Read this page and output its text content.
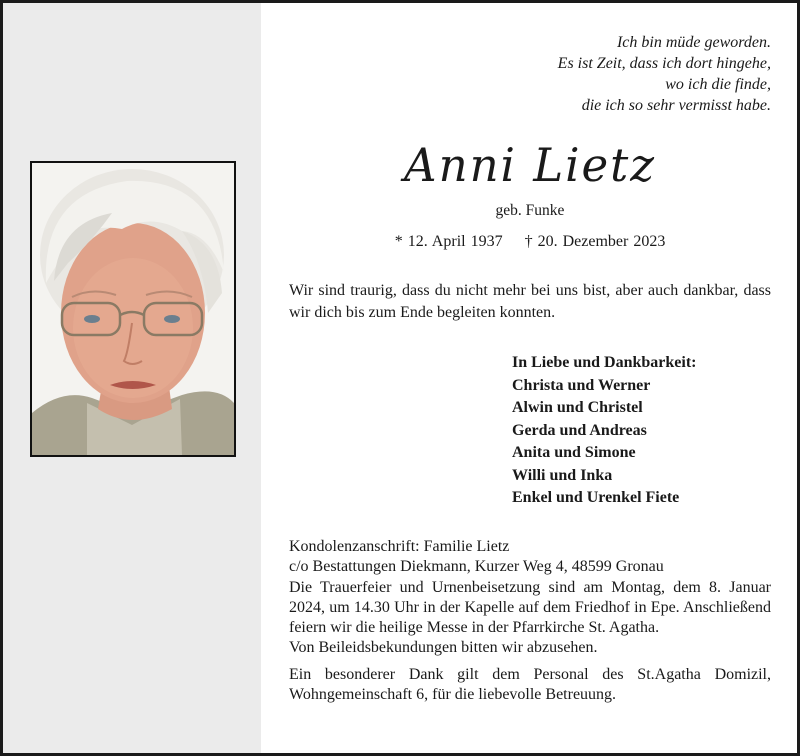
Ich bin müde geworden.
Es ist Zeit, dass ich dort hingehe,
wo ich die finde,
die ich so sehr vermisst habe.
Anni Lietz
geb. Funke
* 12. April 1937 † 20. Dezember 2023
Wir sind traurig, dass du nicht mehr bei uns bist, aber auch dankbar, dass wir dich bis zum Ende begleiten konnten.
In Liebe und Dankbarkeit:
Christa und Werner
Alwin und Christel
Gerda und Andreas
Anita und Simone
Willi und Inka
Enkel und Urenkel Fiete

Kondolenzanschrift: Familie Lietz

c/o Bestattungen Diekmann, Kurzer Weg 4, 48599 Gronau

Die Trauerfeier und Urnenbeisetzung sind am Montag, dem 8. Januar 2024, um 14.30 Uhr in der Kapelle auf dem Friedhof in Epe. Anschließend feiern wir die heilige Messe in der Pfarrkirche St. Agatha.

Von Beileidsbekundungen bitten wir abzusehen.

Ein besonderer Dank gilt dem Personal des St.Agatha Domizil, Wohngemeinschaft 6, für die liebevolle Betreuung.
